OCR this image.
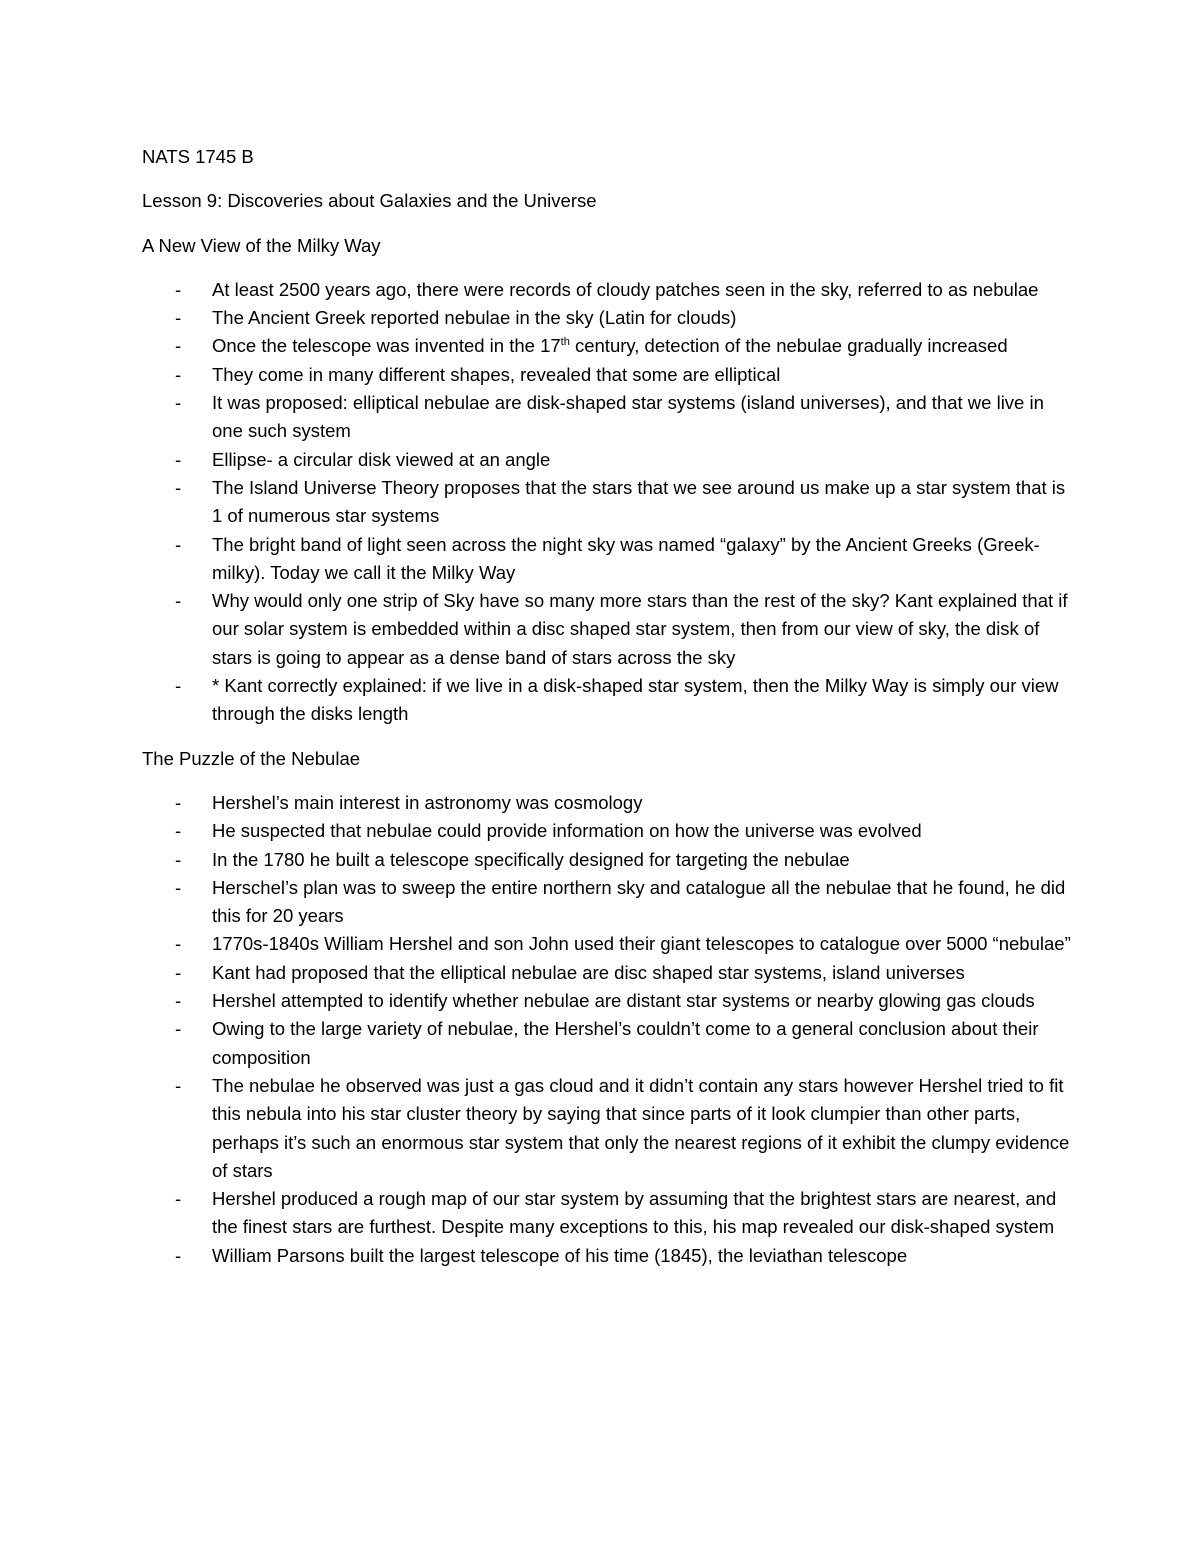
NATS 1745 B

Lesson 9: Discoveries about Galaxies and the Universe

A New View of the Milky Way

- At least 2500 years ago, there were records of cloudy patches seen in the sky, referred to as nebulae
- The Ancient Greek reported nebulae in the sky (Latin for clouds)
- Once the telescope was invented in the 17th century, detection of the nebulae gradually increased
- They come in many different shapes, revealed that some are elliptical
- It was proposed: elliptical nebulae are disk-shaped star systems (island universes), and that we live in one such system
- Ellipse- a circular disk viewed at an angle
- The Island Universe Theory proposes that the stars that we see around us make up a star system that is 1 of numerous star systems
- The bright band of light seen across the night sky was named “galaxy” by the Ancient Greeks (Greek- milky). Today we call it the Milky Way
- Why would only one strip of Sky have so many more stars than the rest of the sky? Kant explained that if our solar system is embedded within a disc shaped star system, then from our view of sky, the disk of stars is going to appear as a dense band of stars across the sky
- * Kant correctly explained: if we live in a disk-shaped star system, then the Milky Way is simply our view through the disks length

The Puzzle of the Nebulae

- Hershel’s main interest in astronomy was cosmology
- He suspected that nebulae could provide information on how the universe was evolved
- In the 1780 he built a telescope specifically designed for targeting the nebulae
- Herschel’s plan was to sweep the entire northern sky and catalogue all the nebulae that he found, he did this for 20 years
- 1770s-1840s William Hershel and son John used their giant telescopes to catalogue over 5000 “nebulae”
- Kant had proposed that the elliptical nebulae are disc shaped star systems, island universes
- Hershel attempted to identify whether nebulae are distant star systems or nearby glowing gas clouds
- Owing to the large variety of nebulae, the Hershel’s couldn’t come to a general conclusion about their composition
- The nebulae he observed was just a gas cloud and it didn’t contain any stars however Hershel tried to fit this nebula into his star cluster theory by saying that since parts of it look clumpier than other parts, perhaps it’s such an enormous star system that only the nearest regions of it exhibit the clumpy evidence of stars
- Hershel produced a rough map of our star system by assuming that the brightest stars are nearest, and the finest stars are furthest. Despite many exceptions to this, his map revealed our disk-shaped system
- William Parsons built the largest telescope of his time (1845), the leviathan telescope
